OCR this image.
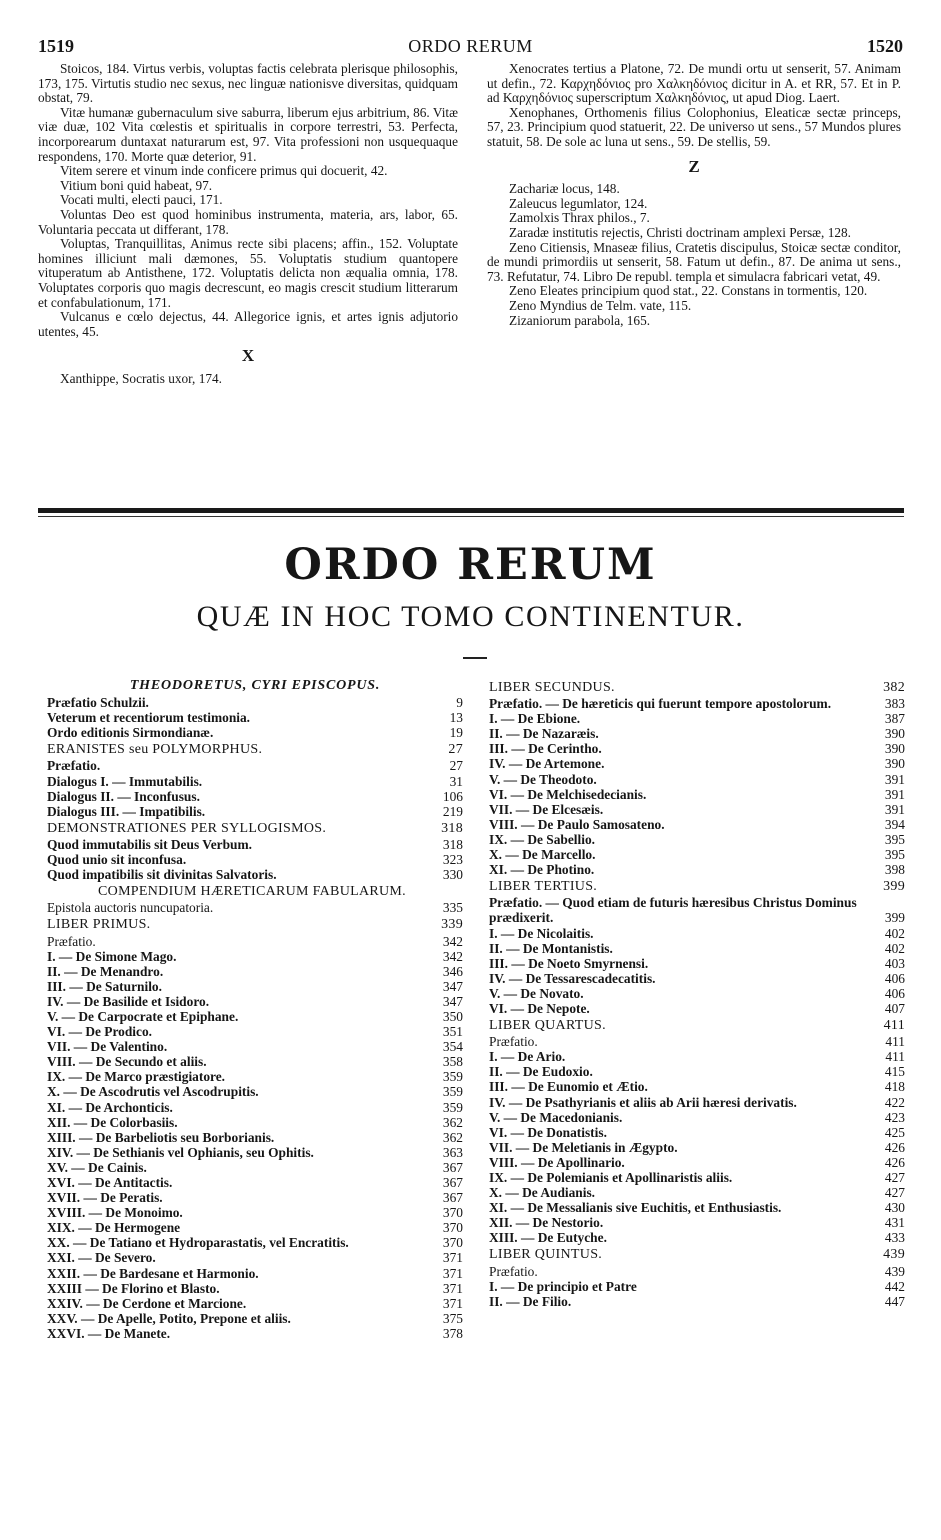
1519	ORDO RERUM	1520

Stoicos, 184. Virtus verbis, voluptas factis celebrata plerisque philosophis, 173, 175. Virtutis studio nec sexus, nec linguæ nationisve diversitas, quidquam obstat, 79.

Vitæ humanæ gubernaculum sive saburra, liberum ejus arbitrium, 86. Vitæ viæ duæ, 102 Vita cœlestis et spiritualis in corpore terrestri, 53. Perfecta, incorporearum duntaxat naturarum est, 97. Vita professioni non usquequaque respondens, 170. Morte quæ deterior, 91.

Vitem serere et vinum inde conficere primus qui docuerit, 42.

Vitium boni quid habeat, 97.

Vocati multi, electi pauci, 171.

Voluntas Deo est quod hominibus instrumenta, materia, ars, labor, 65. Voluntaria peccata ut differant, 178.

Voluptas, Tranquillitas, Animus recte sibi placens; affin., 152. Voluptate homines illiciunt mali dæmones, 55. Voluptatis studium quantopere vituperatum ab Antisthene, 172. Voluptatis delicta non æqualia omnia, 178. Voluptates corporis quo magis decrescunt, eo magis crescit studium litterarum et confabulationum, 171.

Vulcanus e cœlo dejectus, 44. Allegorice ignis, et artes ignis adjutorio utentes, 45.

X

Xanthippe, Socratis uxor, 174.

Xenocrates tertius a Platone, 72. De mundi ortu ut senserit, 57. Animam ut defin., 72. Καρχηδόνιος pro Χαλκηδόνιος dicitur in A. et RR, 57. Et in P. ad Καρχηδόνιος superscriptum Χαλκηδόνιος, ut apud Diog. Laert.

Xenophanes, Orthomenis filius Colophonius, Eleaticæ sectæ princeps, 57, 23. Principium quod statuerit, 22. De universo ut sens., 57 Mundos plures statuit, 58. De sole ac luna ut sens., 59. De stellis, 59.

Z

Zachariæ locus, 148.

Zaleucus legumlator, 124.

Zamolxis Thrax philos., 7.

Zaradæ institutis rejectis, Christi doctrinam amplexi Persæ, 128.

Zeno Citiensis, Mnaseæ filius, Cratetis discipulus, Stoicæ sectæ conditor, de mundi primordiis ut senserit, 58. Fatum ut defin., 87. De anima ut sens., 73. Refutatur, 74. Libro De republ. templa et simulacra fabricari vetat, 49.

Zeno Eleates principium quod stat., 22. Constans in tormentis, 120.

Zeno Myndius de Telm. vate, 115.

Zizaniorum parabola, 165.

ORDO RERUM
QUÆ IN HOC TOMO CONTINENTUR.
THEODORETUS, CYRI EPISCOPUS.
Præfatio Schulzii.	9
Veterum et recentiorum testimonia.	13
Ordo editionis Sirmondianæ.	19
ERANISTES seu POLYMORPHUS.	27
Præfatio.	27
Dialogus I. — Immutabilis.	31
Dialogus II. — Inconfusus.	106
Dialogus III. — Impatibilis.	219
DEMONSTRATIONES PER SYLLOGISMOS.	318
Quod immutabilis sit Deus Verbum.	318
Quod unio sit inconfusa.	323
Quod impatibilis sit divinitas Salvatoris.	330
COMPENDIUM HÆRETICARUM FABULARUM.
Epistola auctoris nuncupatoria.	335
LIBER PRIMUS.	339
Præfatio.	342
I. — De Simone Mago.	342
II. — De Menandro.	346
III. — De Saturnilo.	347
IV. — De Basilide et Isidoro.	347
V. — De Carpocrate et Epiphane.	350
VI. — De Prodico.	351
VII. — De Valentino.	354
VIII. — De Secundo et aliis.	358
IX. — De Marco præstigiatore.	359
X. — De Ascodrutis vel Ascodrupitis.	359
XI. — De Archonticis.	359
XII. — De Colorbasiis.	362
XIII. — De Barbeliotis seu Borborianis.	362
XIV. — De Sethianis vel Ophianis, seu Ophitis.	363
XV. — De Cainis.	367
XVI. — De Antitactis.	367
XVII. — De Peratis.	367
XVIII. — De Monoimo.	370
XIX. — De Hermogene	370
XX. — De Tatiano et Hydroparastatis, vel Encratitis.	370
XXI. — De Severo.	371
XXII. — De Bardesane et Harmonio.	371
XXIII — De Florino et Blasto.	371
XXIV. — De Cerdone et Marcione.	371
XXV. — De Apelle, Potito, Prepone et aliis.	375
XXVI. — De Manete.	378
LIBER SECUNDUS.	382
Præfatio. — De hæreticis qui fuerunt tempore apostolorum.	383
I. — De Ebione.	387
II. — De Nazaræis.	390
III. — De Cerintho.	390
IV. — De Artemone.	390
V. — De Theodoto.	391
VI. — De Melchisedecianis.	391
VII. — De Elcesæis.	391
VIII. — De Paulo Samosateno.	394
IX. — De Sabellio.	395
X. — De Marcello.	395
XI. — De Photino.	398
LIBER TERTIUS.	399
Præfatio. — Quod etiam de futuris hæresibus Christus Dominus prædixerit.	399
I. — De Nicolaitis.	402
II. — De Montanistis.	402
III. — De Noeto Smyrnensi.	403
IV. — De Tessarescadecatitis.	406
V. — De Novato.	406
VI. — De Nepote.	407
LIBER QUARTUS.	411
Præfatio.	411
I. — De Ario.	411
II. — De Eudoxio.	415
III. — De Eunomio et Ætio.	418
IV. — De Psathyrianis et aliis ab Arii hæresi derivatis.	422
V. — De Macedonianis.	423
VI. — De Donatistis.	425
VII. — De Meletianis in Ægypto.	426
VIII. — De Apollinario.	426
IX. — De Polemianis et Apollinaristis aliis.	427
X. — De Audianis.	427
XI. — De Messalianis sive Euchitis, et Enthusiastis.	430
XII. — De Nestorio.	431
XIII. — De Eutyche.	433
LIBER QUINTUS.	439
Præfatio.	439
I. — De principio et Patre	442
II. — De Filio.	447
